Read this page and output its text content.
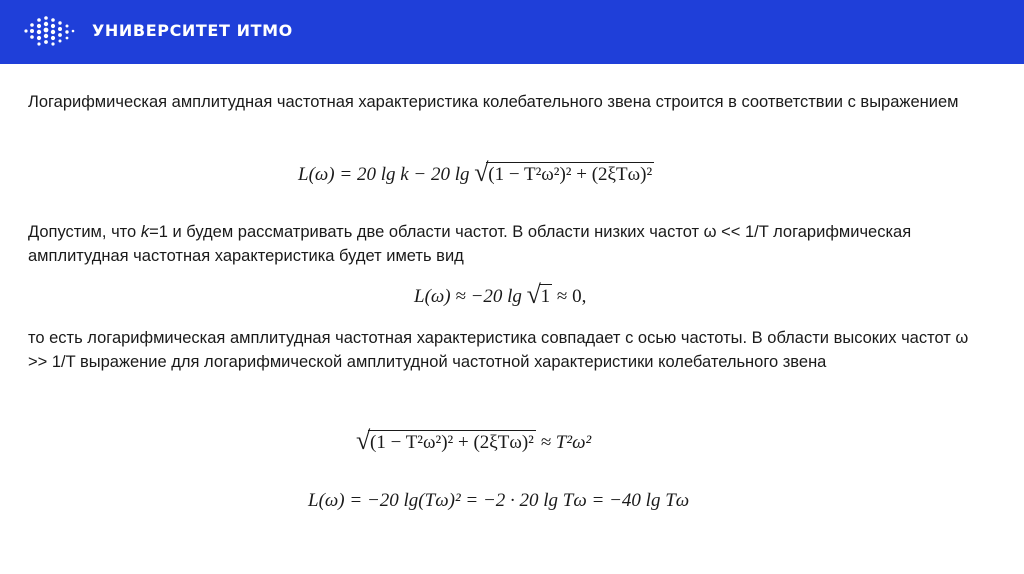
УНИВЕРСИТЕТ ИТМО

Логарифмическая амплитудная частотная характеристика колебательного звена строится в соответствии с выражением

L(ω) = 20 lg k − 20 lg √ (1 − T²ω²)² + (2ξTω)²

Допустим, что k=1 и будем рассматривать две области частот. В области низких частот ω << 1/T логарифмическая амплитудная частотная характеристика будет иметь вид

L(ω) ≈ −20 lg √ 1 ≈ 0,

то есть логарифмическая амплитудная частотная характеристика совпадает с осью частоты. В области высоких частот ω >> 1/T выражение для логарифмической амплитудной частотной характеристики колебательного звена

√ (1 − T²ω²)² + (2ξTω)² ≈ T²ω²
L(ω) = −20 lg(Tω)² = −2 · 20 lg Tω = −40 lg Tω
